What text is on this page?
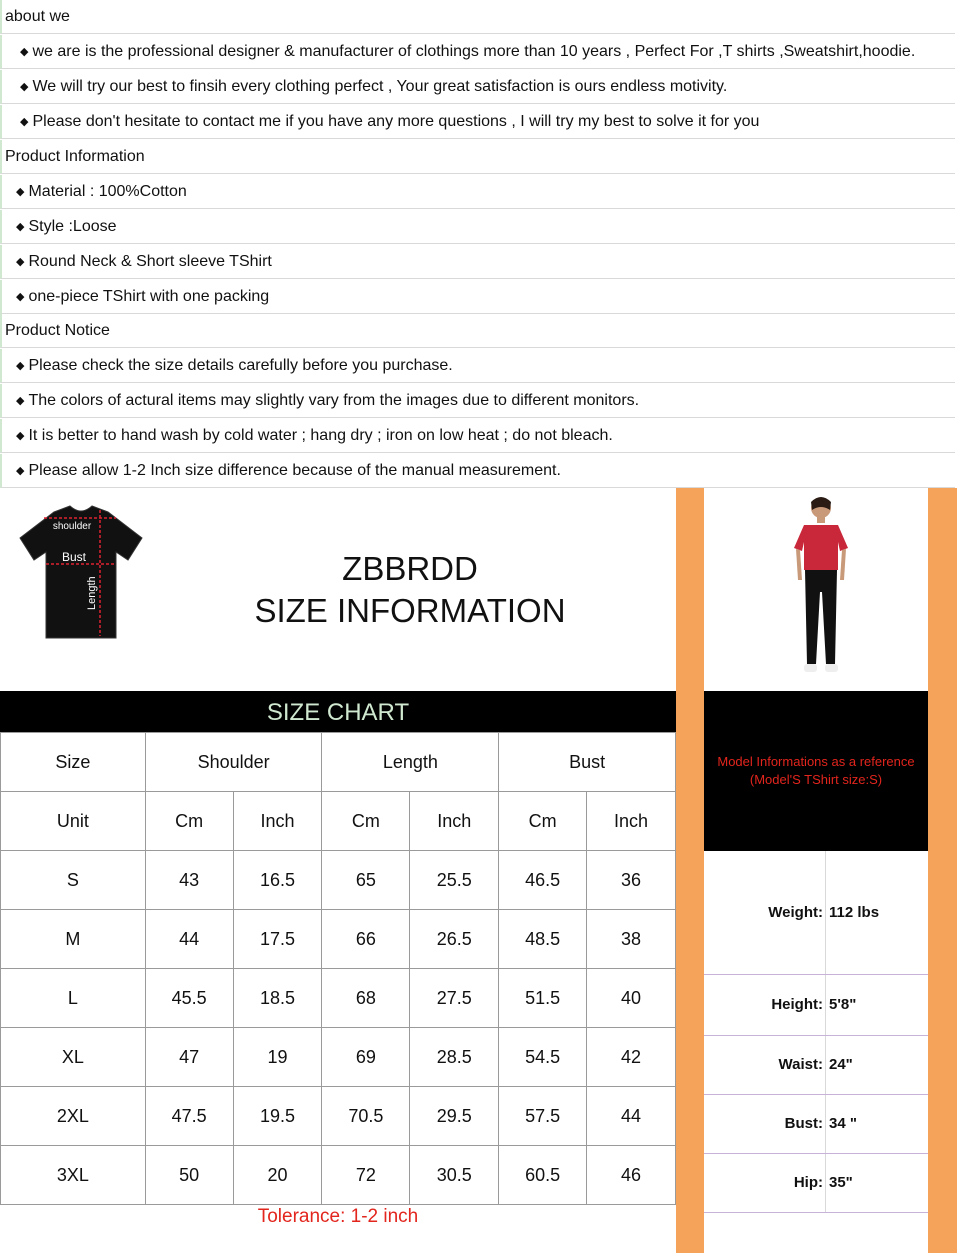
about we
◆ we are is the professional designer & manufacturer of clothings more than 10 years , Perfect For ,T shirts ,Sweatshirt,hoodie.
◆ We will try our best to finsih every clothing perfect , Your great satisfaction is ours endless motivity.
◆ Please don't hesitate to contact me if you have any more questions , I will try my best to solve it for you
Product Information
◆ Material : 100%Cotton
◆ Style :Loose
◆ Round Neck & Short sleeve TShirt
◆ one-piece TShirt with one packing
Product Notice
◆ Please check the size details carefully before you purchase.
◆ The colors of actural items may slightly vary from the images due to different monitors.
◆ It is better to hand wash by cold water ; hang dry ; iron on low heat ; do not bleach.
◆ Please allow 1-2 Inch size difference because of the manual measurement.
shoulder
Bust
Length
ZBBRDD
SIZE INFORMATION
SIZE CHART
Size	Shoulder		Length		Bust	
Unit	Cm	Inch	Cm	Inch	Cm	Inch
S	43	16.5	65	25.5	46.5	36
M	44	17.5	66	26.5	48.5	38
L	45.5	18.5	68	27.5	51.5	40
XL	47	19	69	28.5	54.5	42
2XL	47.5	19.5	70.5	29.5	57.5	44
3XL	50	20	72	30.5	60.5	46
Tolerance: 1-2 inch
Model Informations as a reference
(Model'S TShirt size:S)
Weight:	112 lbs
Height:	5'8"
Waist:	24"
Bust:	34 "
Hip:	35"
